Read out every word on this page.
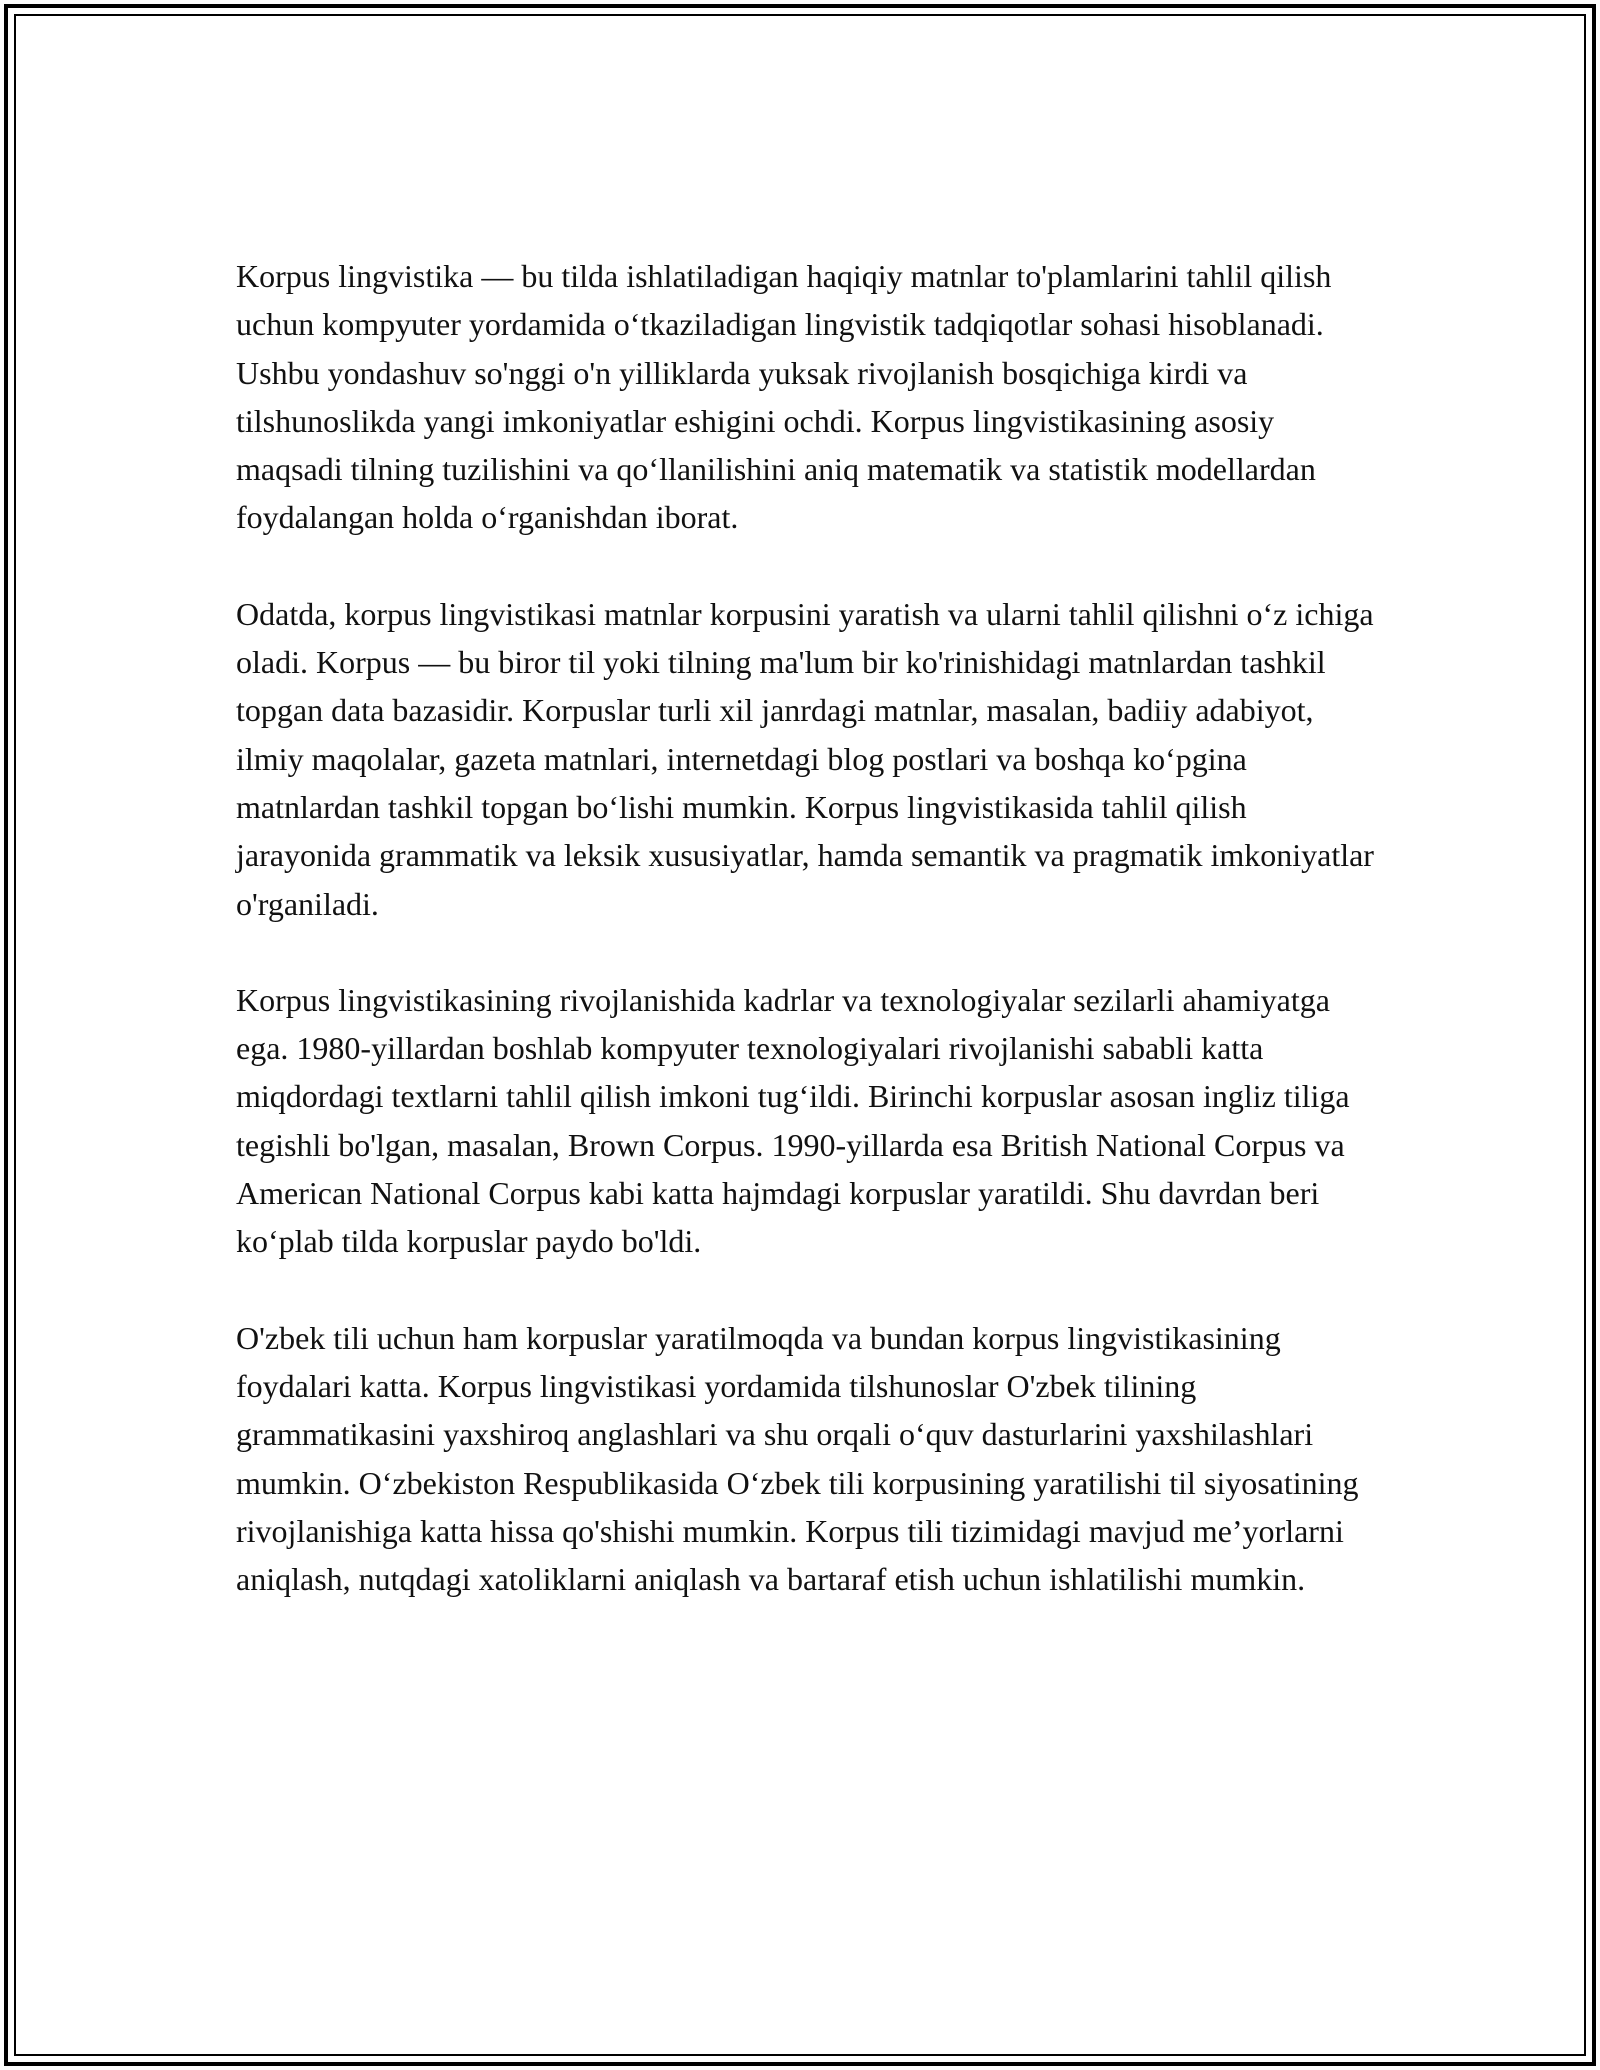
Korpus lingvistika — bu tilda ishlatiladigan haqiqiy matnlar to'plamlarini tahlil qilish uchun kompyuter yordamida o‘tkaziladigan lingvistik tadqiqotlar sohasi hisoblanadi. Ushbu yondashuv so'nggi o'n yilliklarda yuksak rivojlanish bosqichiga kirdi va tilshunoslikda yangi imkoniyatlar eshigini ochdi. Korpus lingvistikasining asosiy maqsadi tilning tuzilishini va qo‘llanilishini aniq matematik va statistik modellardan foydalangan holda o‘rganishdan iborat.

Odatda, korpus lingvistikasi matnlar korpusini yaratish va ularni tahlil qilishni o‘z ichiga oladi. Korpus — bu biror til yoki tilning ma'lum bir ko'rinishidagi matnlardan tashkil topgan data bazasidir. Korpuslar turli xil janrdagi matnlar, masalan, badiiy adabiyot, ilmiy maqolalar, gazeta matnlari, internetdagi blog postlari va boshqa ko‘pgina matnlardan tashkil topgan bo‘lishi mumkin. Korpus lingvistikasida tahlil qilish jarayonida grammatik va leksik xususiyatlar, hamda semantik va pragmatik imkoniyatlar o'rganiladi.

Korpus lingvistikasining rivojlanishida kadrlar va texnologiyalar sezilarli ahamiyatga ega. 1980-yillardan boshlab kompyuter texnologiyalari rivojlanishi sababli katta miqdordagi textlarni tahlil qilish imkoni tug‘ildi. Birinchi korpuslar asosan ingliz tiliga tegishli bo'lgan, masalan, Brown Corpus. 1990-yillarda esa British National Corpus va American National Corpus kabi katta hajmdagi korpuslar yaratildi. Shu davrdan beri ko‘plab tilda korpuslar paydo bo'ldi.

O'zbek tili uchun ham korpuslar yaratilmoqda va bundan korpus lingvistikasining foydalari katta. Korpus lingvistikasi yordamida tilshunoslar O'zbek tilining grammatikasini yaxshiroq anglashlari va shu orqali o‘quv dasturlarini yaxshilashlari mumkin. O‘zbekiston Respublikasida O‘zbek tili korpusining yaratilishi til siyosatining rivojlanishiga katta hissa qo'shishi mumkin. Korpus tili tizimidagi mavjud me’yorlarni aniqlash, nutqdagi xatoliklarni aniqlash va bartaraf etish uchun ishlatilishi mumkin.
